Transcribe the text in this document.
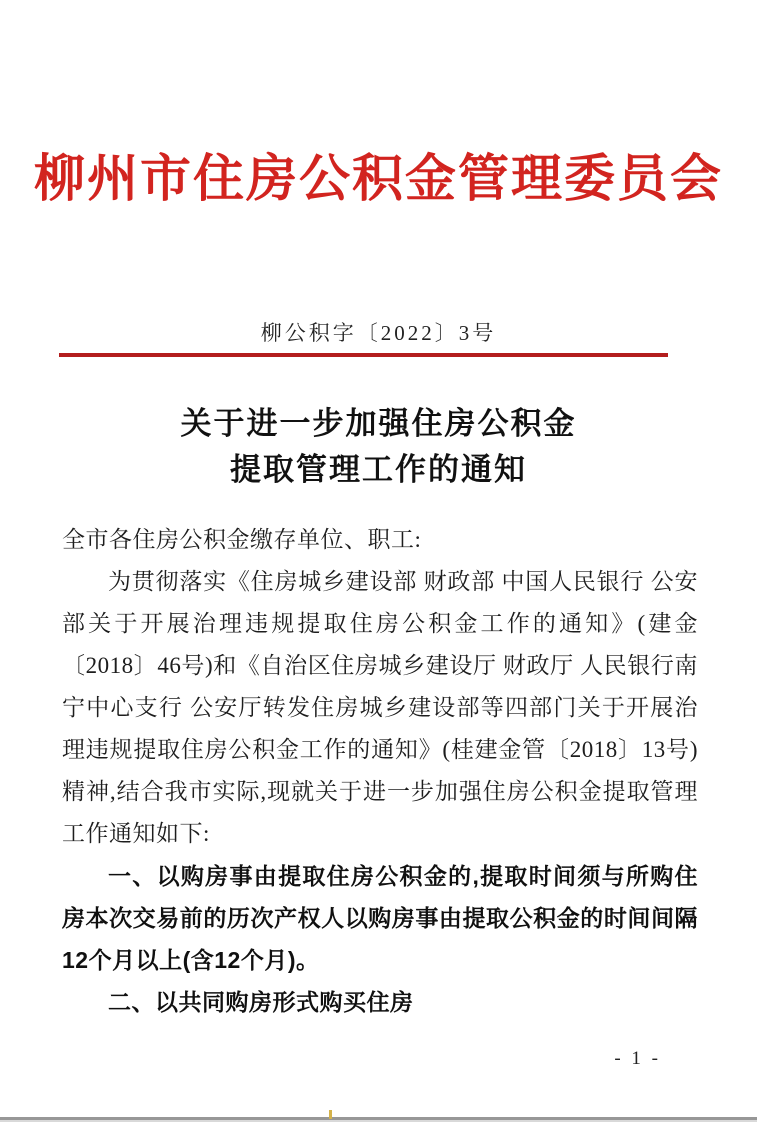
柳州市住房公积金管理委员会
柳公积字〔2022〕3号
关于进一步加强住房公积金
提取管理工作的通知

全市各住房公积金缴存单位、职工:

为贯彻落实《住房城乡建设部 财政部 中国人民银行 公安部关于开展治理违规提取住房公积金工作的通知》(建金〔2018〕46号)和《自治区住房城乡建设厅 财政厅 人民银行南宁中心支行 公安厅转发住房城乡建设部等四部门关于开展治理违规提取住房公积金工作的通知》(桂建金管〔2018〕13号)精神,结合我市实际,现就关于进一步加强住房公积金提取管理工作通知如下:

一、以购房事由提取住房公积金的,提取时间须与所购住房本次交易前的历次产权人以购房事由提取公积金的时间间隔12个月以上(含12个月)。

二、以共同购房形式购买住房

- 1 -
